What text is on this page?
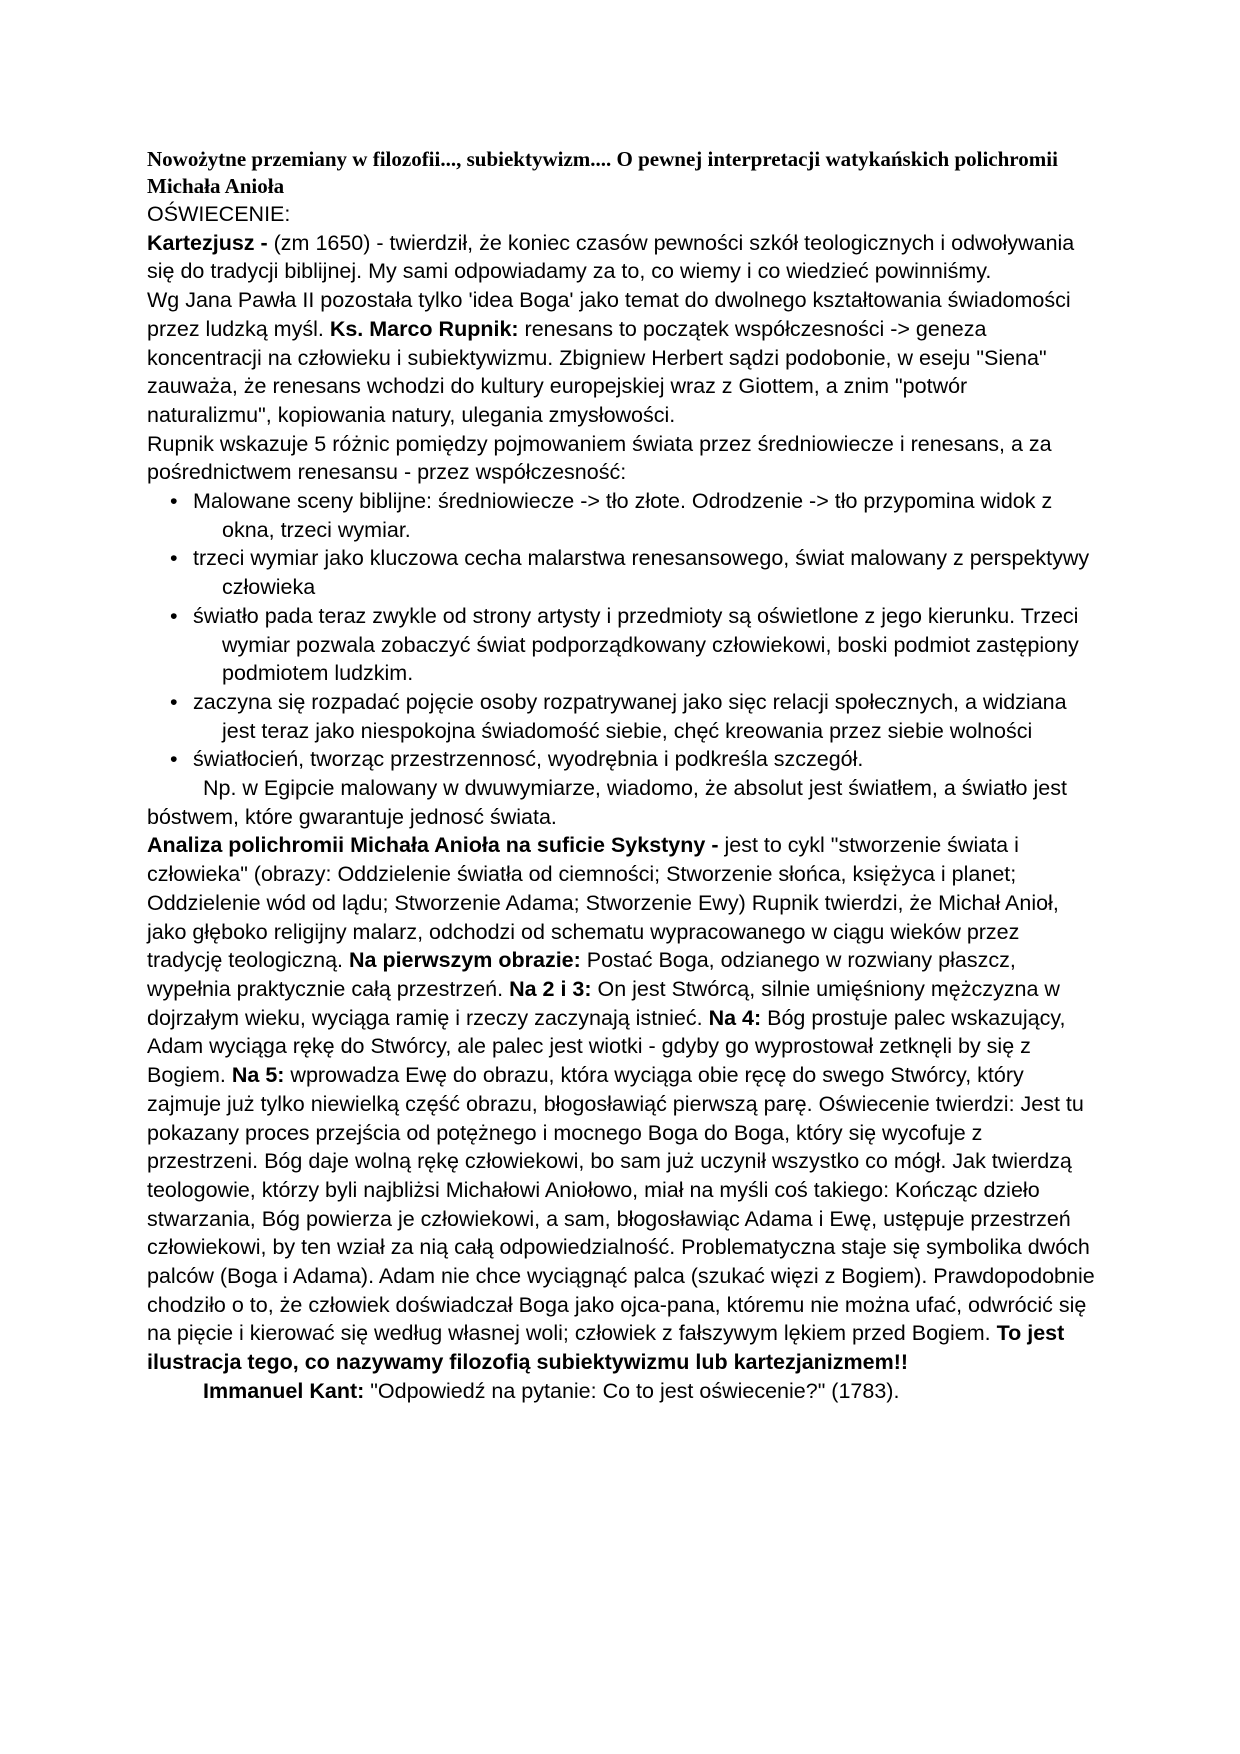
Nowożytne przemiany w filozofii..., subiektywizm.... O pewnej interpretacji watykańskich polichromii Michała Anioła

OŚWIECENIE:

Kartezjusz - (zm 1650) - twierdził, że koniec czasów pewności szkół teologicznych i odwoływania się do tradycji biblijnej. My sami odpowiadamy za to, co wiemy i co wiedzieć powinniśmy.

Wg Jana Pawła II pozostała tylko 'idea Boga' jako temat do dwolnego kształtowania świadomości przez ludzką myśl. Ks. Marco Rupnik: renesans to początek współczesności -> geneza koncentracji na człowieku i subiektywizmu. Zbigniew Herbert sądzi podobonie, w eseju "Siena" zauważa, że renesans wchodzi do kultury europejskiej wraz z Giottem, a znim "potwór naturalizmu", kopiowania natury, ulegania zmysłowości.

Rupnik wskazuje 5 różnic pomiędzy pojmowaniem świata przez średniowiecze i renesans, a za pośrednictwem renesansu - przez współczesność:

• Malowane sceny biblijne: średniowiecze -> tło złote. Odrodzenie -> tło przypomina widok z okna, trzeci wymiar.
• trzeci wymiar jako kluczowa cecha malarstwa renesansowego, świat malowany z perspektywy człowieka
• światło pada teraz zwykle od strony artysty i przedmioty są oświetlone z jego kierunku. Trzeci wymiar pozwala zobaczyć świat podporządkowany człowiekowi, boski podmiot zastępiony podmiotem ludzkim.
• zaczyna się rozpadać pojęcie osoby rozpatrywanej jako sięc relacji społecznych, a widziana jest teraz jako niespokojna świadomość siebie, chęć kreowania przez siebie wolności
• światłocień, tworząc przestrzennosć, wyodrębnia i podkreśla szczegół.

Np. w Egipcie malowany w dwuwymiarze, wiadomo, że absolut jest światłem, a światło jest bóstwem, które gwarantuje jednosć świata.

Analiza polichromii Michała Anioła na suficie Sykstyny - jest to cykl "stworzenie świata i człowieka" (obrazy: Oddzielenie światła od ciemności; Stworzenie słońca, księżyca i planet; Oddzielenie wód od lądu; Stworzenie Adama; Stworzenie Ewy) Rupnik twierdzi, że Michał Anioł, jako głęboko religijny malarz, odchodzi od schematu wypracowanego w ciągu wieków przez tradycję teologiczną. Na pierwszym obrazie: Postać Boga, odzianego w rozwiany płaszcz, wypełnia praktycznie całą przestrzeń. Na 2 i 3: On jest Stwórcą, silnie umięśniony mężczyzna w dojrzałym wieku, wyciąga ramię i rzeczy zaczynają istnieć. Na 4: Bóg prostuje palec wskazujący, Adam wyciąga rękę do Stwórcy, ale palec jest wiotki - gdyby go wyprostował zetknęli by się z Bogiem. Na 5: wprowadza Ewę do obrazu, która wyciąga obie ręcę do swego Stwórcy, który zajmuje już tylko niewielką część obrazu, błogosławiąć pierwszą parę. Oświecenie twierdzi: Jest tu pokazany proces przejścia od potężnego i mocnego Boga do Boga, który się wycofuje z przestrzeni. Bóg daje wolną rękę człowiekowi, bo sam już uczynił wszystko co mógł. Jak twierdzą teologowie, którzy byli najbliżsi Michałowi Aniołowo, miał na myśli coś takiego: Kończąc dzieło stwarzania, Bóg powierza je człowiekowi, a sam, błogosławiąc Adama i Ewę, ustępuje przestrzeń człowiekowi, by ten wział za nią całą odpowiedzialność. Problematyczna staje się symbolika dwóch palców (Boga i Adama). Adam nie chce wyciągnąć palca (szukać więzi z Bogiem). Prawdopodobnie chodziło o to, że człowiek doświadczał Boga jako ojca-pana, któremu nie można ufać, odwrócić się na pięcie i kierować się według własnej woli; człowiek z fałszywym lękiem przed Bogiem. To jest ilustracja tego, co nazywamy filozofią subiektywizmu lub kartezjanizmem!!

Immanuel Kant: "Odpowiedź na pytanie: Co to jest oświecenie?" (1783).
